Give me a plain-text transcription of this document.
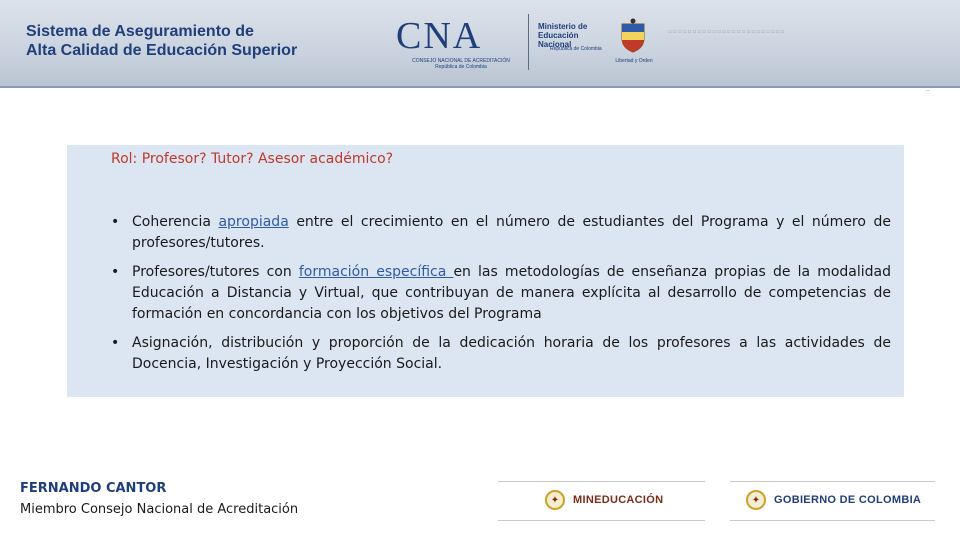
Sistema de Aseguramiento de
Alta Calidad de Educación Superior	CNA
CONSEJO NACIONAL DE ACREDITACIÓN
República de Colombia
Ministerio de
Educación Nacional
República de Colombia
Libertad y Orden
▫▫▫▫▫▫▫▫▫▫▫▫▫▫▫▫▫▫▫▫▫▫▫▫
..
Rol: Profesor? Tutor? Asesor académico?
• Coherencia apropiada entre el crecimiento en el número de estudiantes del Programa y el número de profesores/tutores.
• Profesores/tutores con formación específica en las metodologías de enseñanza propias de la modalidad Educación a Distancia y Virtual, que contribuyan de manera explícita al desarrollo de competencias de formación en concordancia con los objetivos del Programa
• Asignación, distribución y proporción de la dedicación horaria de los profesores a las actividades de Docencia, Investigación y Proyección Social.
FERNANDO CANTOR
Miembro Consejo Nacional de Acreditación
✦	MINEDUCACIÓN	✦	GOBIERNO DE COLOMBIA
